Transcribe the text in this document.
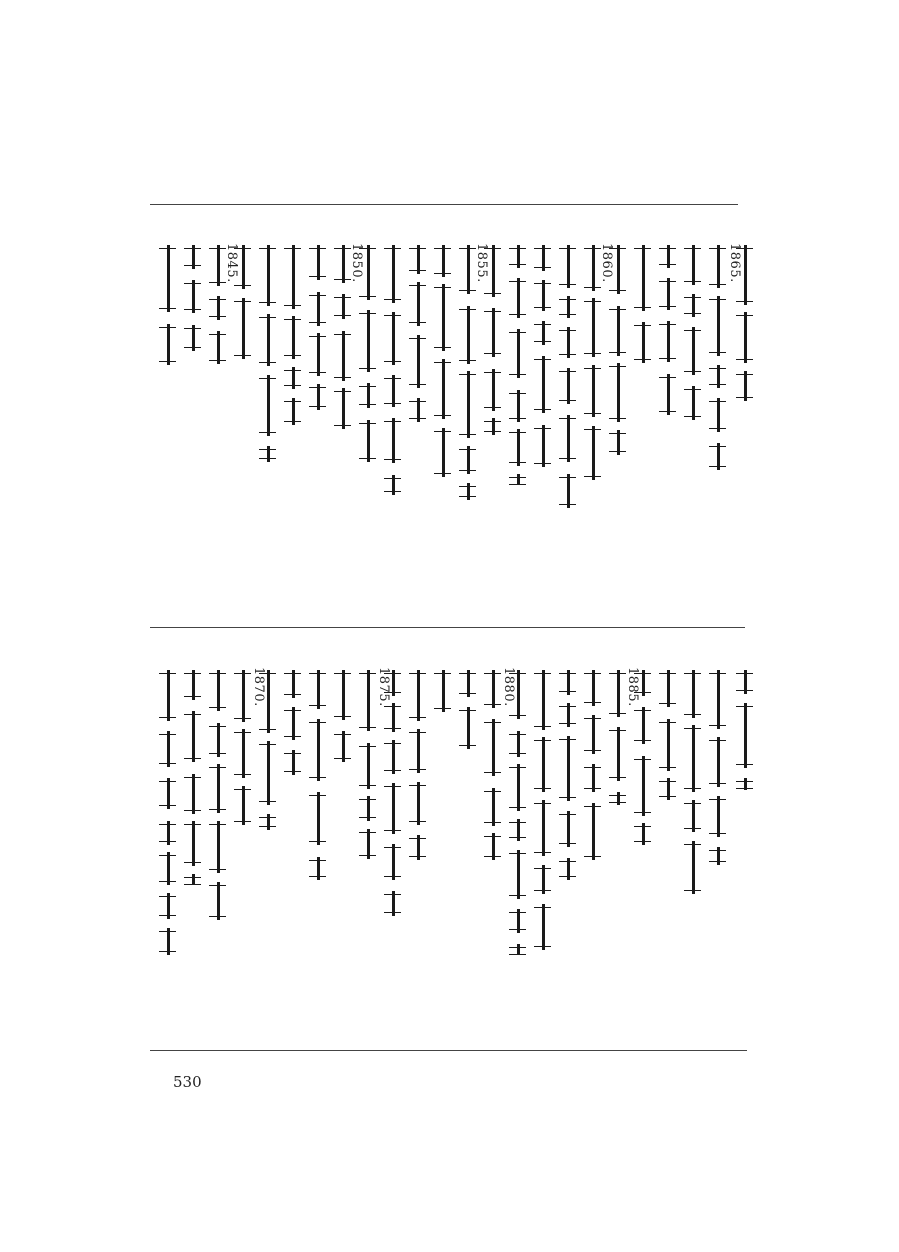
1865.
1860.
1855.
1850.
1845.
1885.
1880.
1875.
1870.
530
